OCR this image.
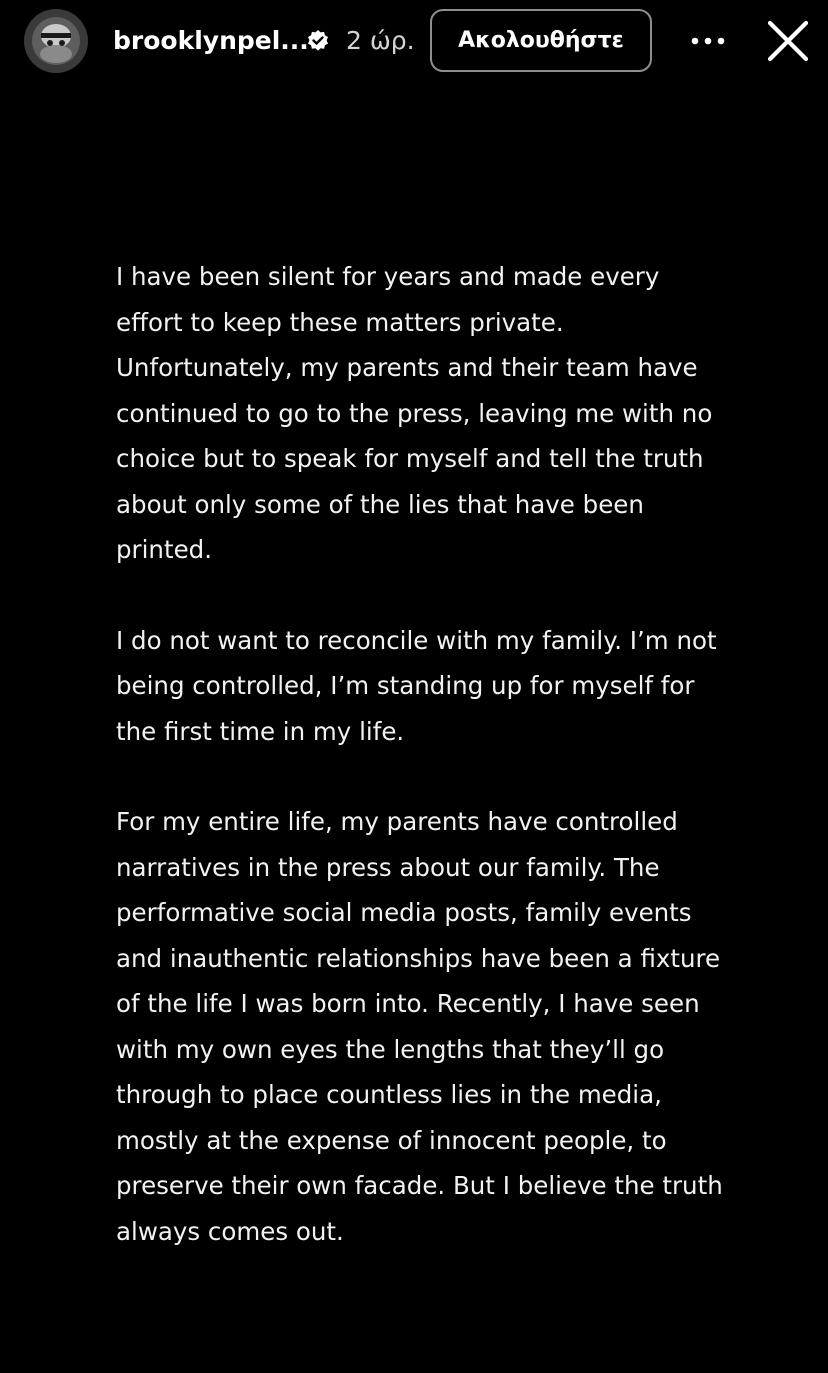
brooklynpel... 2 ώρ.	Ακολουθήστε

I have been silent for years and made every effort to keep these matters private. Unfortunately, my parents and their team have continued to go to the press, leaving me with no choice but to speak for myself and tell the truth about only some of the lies that have been printed.

I do not want to reconcile with my family. I’m not being controlled, I’m standing up for myself for the first time in my life.

For my entire life, my parents have controlled narratives in the press about our family. The performative social media posts, family events and inauthentic relationships have been a fixture of the life I was born into. Recently, I have seen with my own eyes the lengths that they’ll go through to place countless lies in the media, mostly at the expense of innocent people, to preserve their own facade. But I believe the truth always comes out.
